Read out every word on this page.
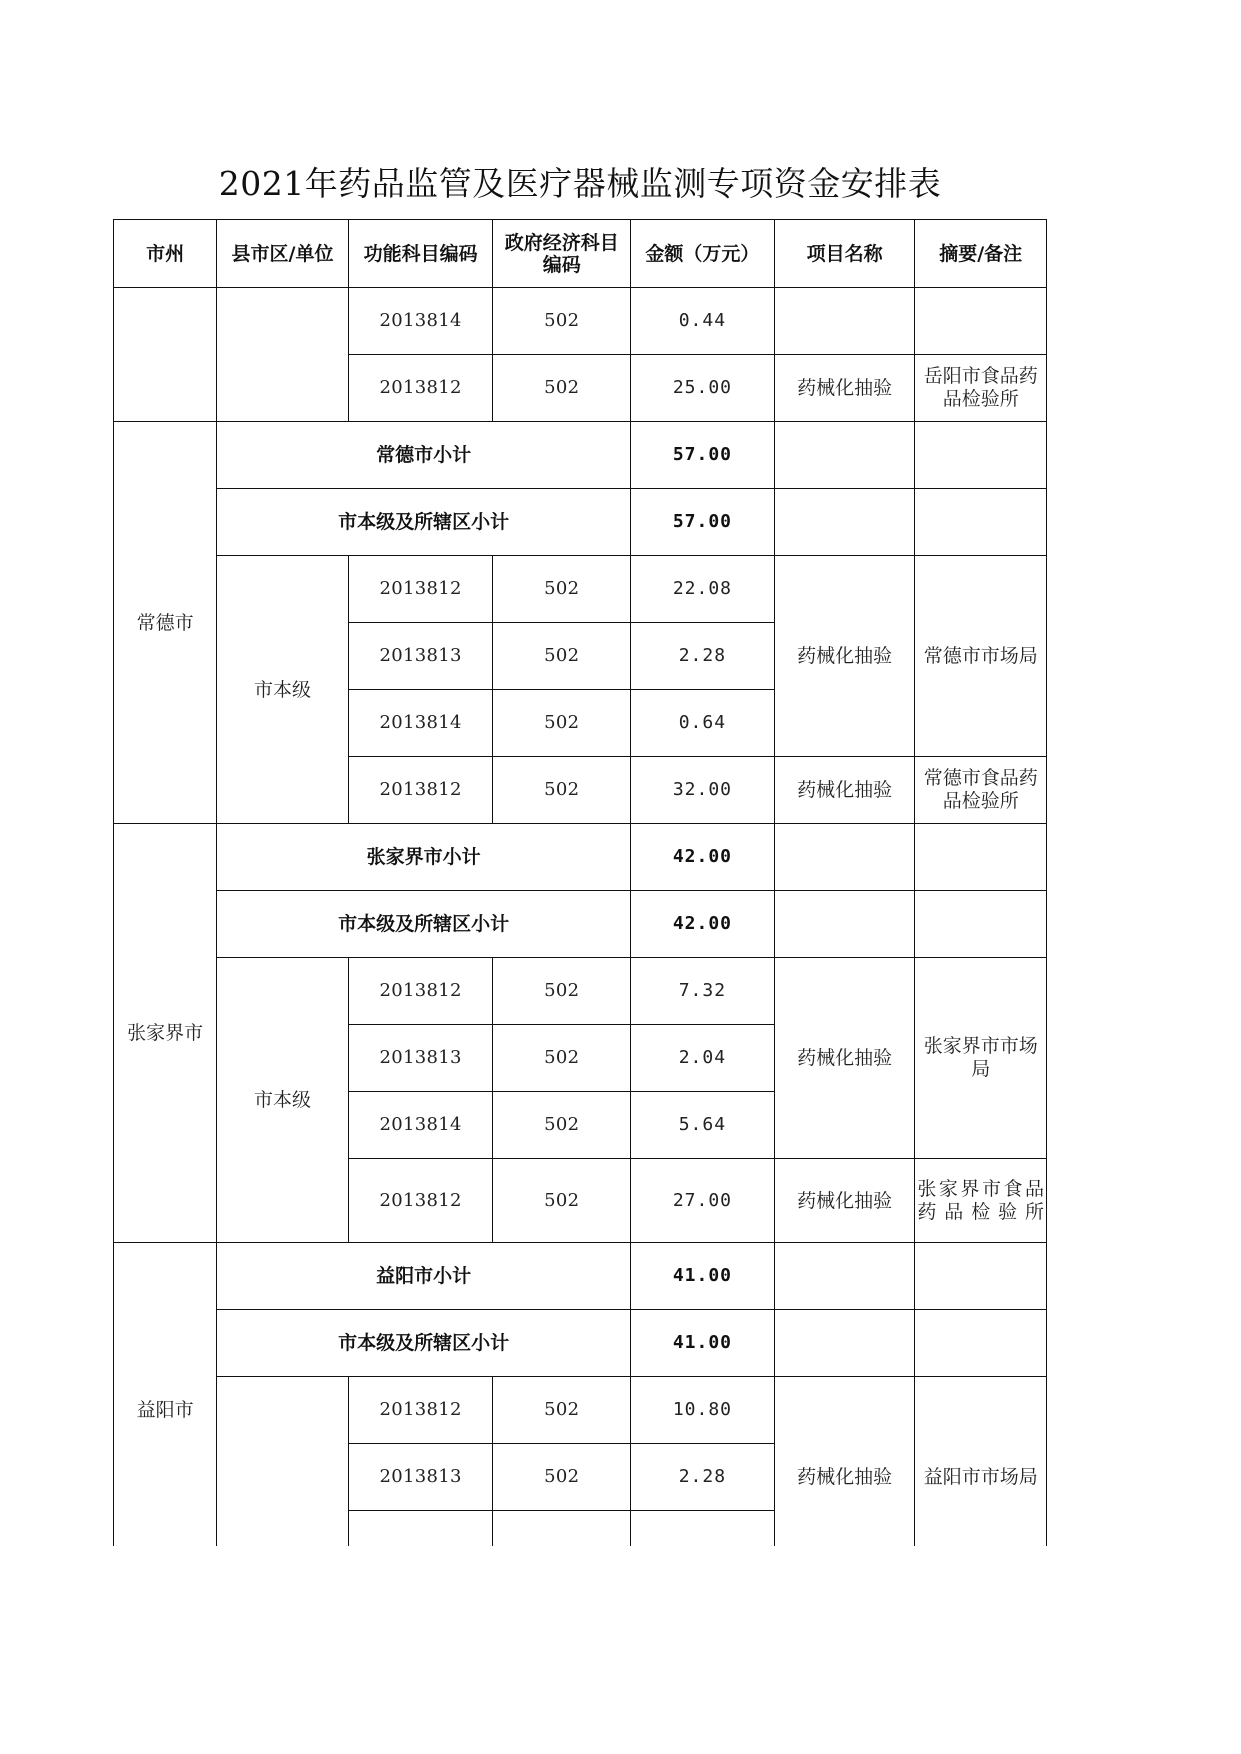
2021年药品监管及医疗器械监测专项资金安排表
市州	县市区/单位	功能科目编码	政府经济科目编码	金额（万元）	项目名称	摘要/备注
		2013814	502	0.44		
		2013812	502	25.00	药械化抽验	岳阳市食品药品检验所
常德市	常德市小计			57.00		
	市本级及所辖区小计			57.00		
	市本级	2013812	502	22.08	药械化抽验	常德市市场局
		2013813	502	2.28		
		2013814	502	0.64		
		2013812	502	32.00	药械化抽验	常德市食品药品检验所
张家界市	张家界市小计			42.00		
	市本级及所辖区小计			42.00		
	市本级	2013812	502	7.32	药械化抽验	张家界市市场局
		2013813	502	2.04		
		2013814	502	5.64		
		2013812	502	27.00	药械化抽验	张家界市食品药品检验所
益阳市	益阳市小计			41.00		
	市本级及所辖区小计			41.00		
		2013812	502	10.80	药械化抽验	益阳市市场局
		2013813	502	2.28		
